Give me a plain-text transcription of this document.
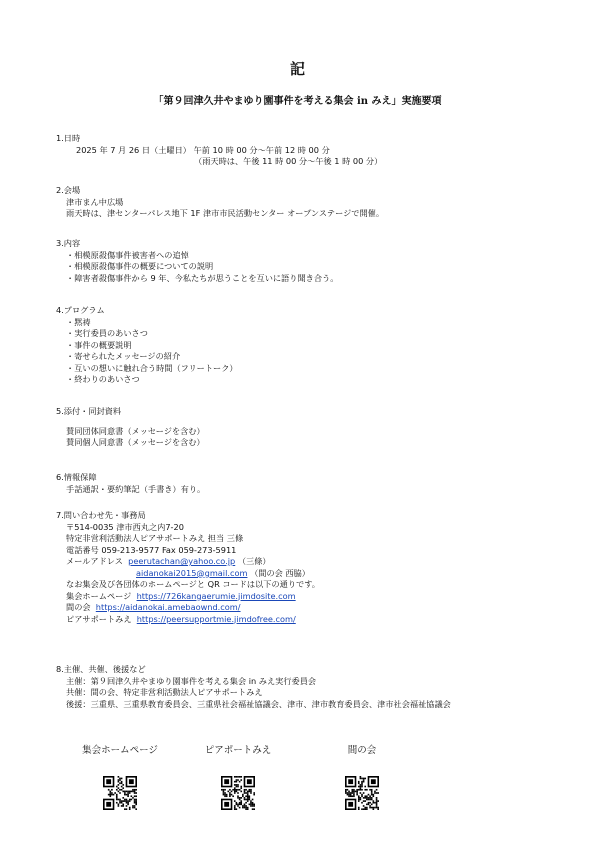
記
「第９回津久井やまゆり園事件を考える集会 in みえ」実施要項

1.日時

2025 年 7 月 26 日（土曜日） 午前 10 時 00 分～午前 12 時 00 分

（雨天時は、午後 11 時 00 分～午後 1 時 00 分）

2.会場

津市まん中広場

雨天時は、津センターパレス地下 1F 津市市民活動センター オープンステージで開催。

3.内容

・相模原殺傷事件被害者への追悼

・相模原殺傷事件の概要についての説明

・障害者殺傷事件から 9 年、今私たちが思うことを互いに語り聞き合う。

4.プログラム

・黙祷

・実行委員のあいさつ

・事件の概要説明

・寄せられたメッセージの紹介

・互いの想いに触れ合う時間（フリートーク）

・終わりのあいさつ

5.添付・同封資料

賛同団体同意書（メッセージを含む）

賛同個人同意書（メッセージを含む）

6.情報保障

手話通訳・要約筆記（手書き）有り。

7.問い合わせ先・事務局

〒514-0035 津市西丸之内7-20

特定非営利活動法人ピアサポートみえ 担当 三條

電話番号 059-213-9577 Fax 059-273-5911

メールアドレス peerutachan@yahoo.co.jp （三條）

aidanokai2015@gmail.com （間の会 西脇）

なお集会及び各団体のホームページと QR コードは以下の通りです。

集会ホームページ https://726kangaerumie.jimdosite.com

間の会 https://aidanokai.amebaownd.com/

ピアサポートみえ https://peersupportmie.jimdofree.com/

8.主催、共催、後援など

主催：第９回津久井やまゆり園事件を考える集会 in みえ実行委員会

共催：間の会、特定非営利活動法人ピアサポートみえ

後援：三重県、三重県教育委員会、三重県社会福祉協議会、津市、津市教育委員会、津市社会福祉協議会

集会ホームページ	ピアポートみえ	間の会
